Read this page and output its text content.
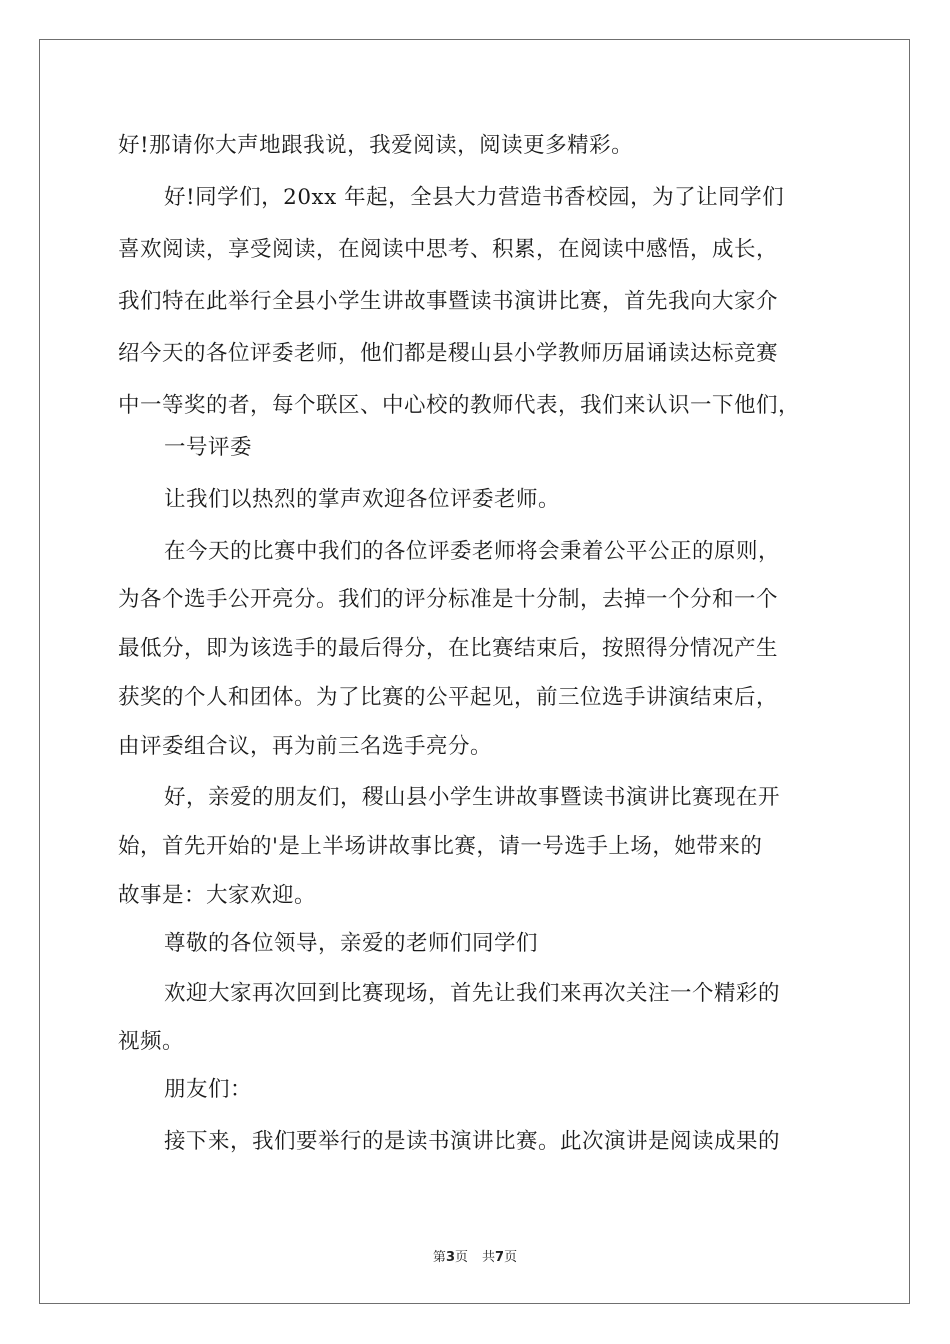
好!那请你大声地跟我说，我爱阅读，阅读更多精彩。
好!同学们，20xx 年起，全县大力营造书香校园，为了让同学们
喜欢阅读，享受阅读，在阅读中思考、积累，在阅读中感悟，成长，
我们特在此举行全县小学生讲故事暨读书演讲比赛，首先我向大家介
绍今天的各位评委老师，他们都是稷山县小学教师历届诵读达标竞赛
中一等奖的者，每个联区、中心校的教师代表，我们来认识一下他们，
一号评委
让我们以热烈的掌声欢迎各位评委老师。
在今天的比赛中我们的各位评委老师将会秉着公平公正的原则，
为各个选手公开亮分。我们的评分标准是十分制，去掉一个分和一个
最低分，即为该选手的最后得分，在比赛结束后，按照得分情况产生
获奖的个人和团体。为了比赛的公平起见，前三位选手讲演结束后，
由评委组合议，再为前三名选手亮分。
好，亲爱的朋友们，稷山县小学生讲故事暨读书演讲比赛现在开
始，首先开始的'是上半场讲故事比赛，请一号选手上场，她带来的
故事是：大家欢迎。
尊敬的各位领导，亲爱的老师们同学们
欢迎大家再次回到比赛现场，首先让我们来再次关注一个精彩的
视频。
朋友们：
接下来，我们要举行的是读书演讲比赛。此次演讲是阅读成果的
第3页 共7页
